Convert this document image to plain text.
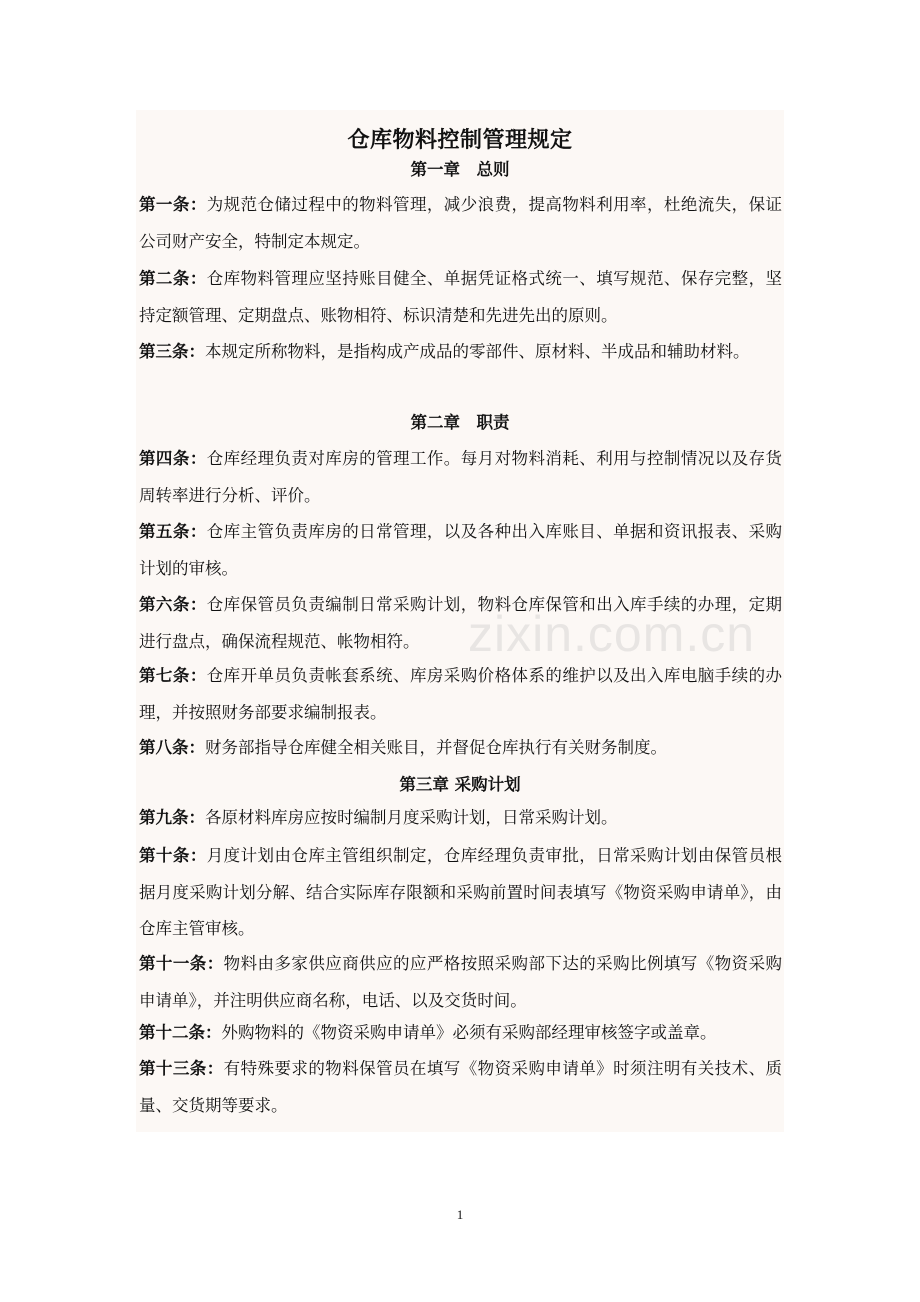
仓库物料控制管理规定
第一章　总则
第一条：为规范仓储过程中的物料管理，减少浪费，提高物料利用率，杜绝流失，保证公司财产安全，特制定本规定。
第二条：仓库物料管理应坚持账目健全、单据凭证格式统一、填写规范、保存完整，坚持定额管理、定期盘点、账物相符、标识清楚和先进先出的原则。
第三条：本规定所称物料，是指构成产成品的零部件、原材料、半成品和辅助材料。
第二章　职责
第四条：仓库经理负责对库房的管理工作。每月对物料消耗、利用与控制情况以及存货周转率进行分析、评价。
第五条：仓库主管负责库房的日常管理，以及各种出入库账目、单据和资讯报表、采购计划的审核。
第六条：仓库保管员负责编制日常采购计划，物料仓库保管和出入库手续的办理，定期进行盘点，确保流程规范、帐物相符。
第七条：仓库开单员负责帐套系统、库房采购价格体系的维护以及出入库电脑手续的办理，并按照财务部要求编制报表。
第八条：财务部指导仓库健全相关账目，并督促仓库执行有关财务制度。
第三章 采购计划
第九条：各原材料库房应按时编制月度采购计划，日常采购计划。
第十条：月度计划由仓库主管组织制定，仓库经理负责审批，日常采购计划由保管员根据月度采购计划分解、结合实际库存限额和采购前置时间表填写《物资采购申请单》，由仓库主管审核。
第十一条：物料由多家供应商供应的应严格按照采购部下达的采购比例填写《物资采购申请单》，并注明供应商名称，电话、以及交货时间。
第十二条：外购物料的《物资采购申请单》必须有采购部经理审核签字或盖章。
第十三条：有特殊要求的物料保管员在填写《物资采购申请单》时须注明有关技术、质量、交货期等要求。
zixin.com.cn
1
